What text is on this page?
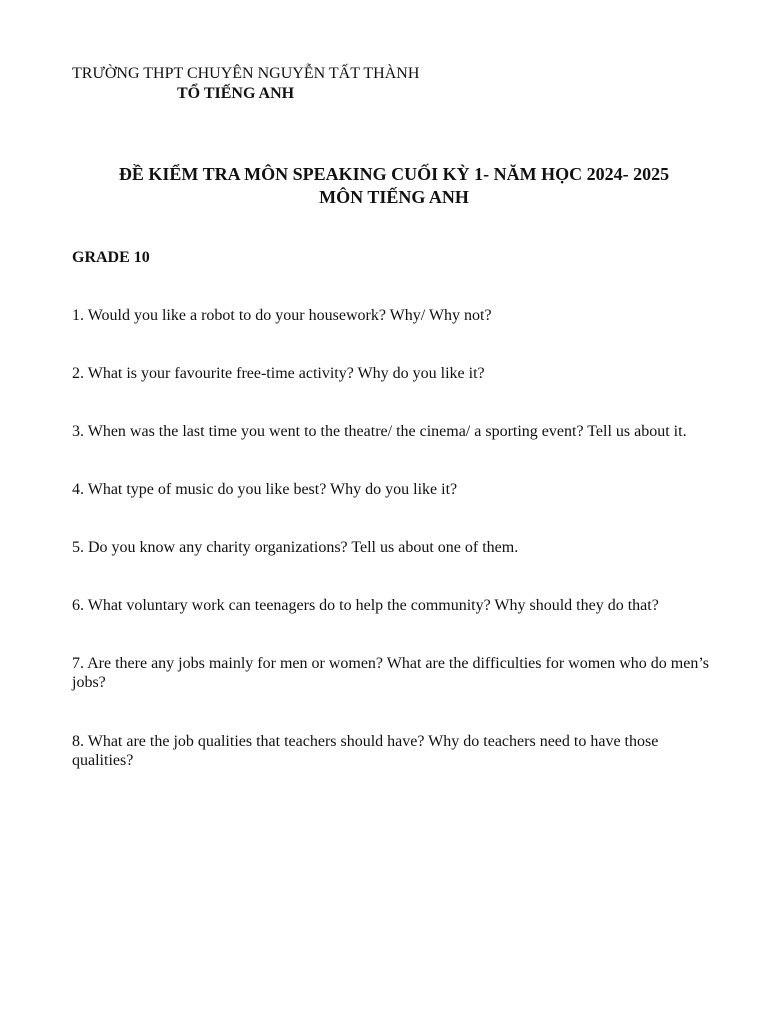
TRƯỜNG THPT CHUYÊN NGUYỄN TẤT THÀNH
TỔ TIẾNG ANH
ĐỀ KIỂM TRA MÔN SPEAKING CUỐI KỲ 1- NĂM HỌC 2024- 2025
MÔN TIẾNG ANH
GRADE 10
1. Would you like a robot to do your housework? Why/ Why not?
2. What is your favourite free-time activity? Why do you like it?
3. When was the last time you went to the theatre/ the cinema/ a sporting event? Tell us about it.
4. What type of music do you like best? Why do you like it?
5. Do you know any charity organizations? Tell us about one of them.
6. What voluntary work can teenagers do to help the community? Why should they do that?
7. Are there any jobs mainly for men or women? What are the difficulties for women who do men’s jobs?
8. What are the job qualities that teachers should have? Why do teachers need to have those qualities?
